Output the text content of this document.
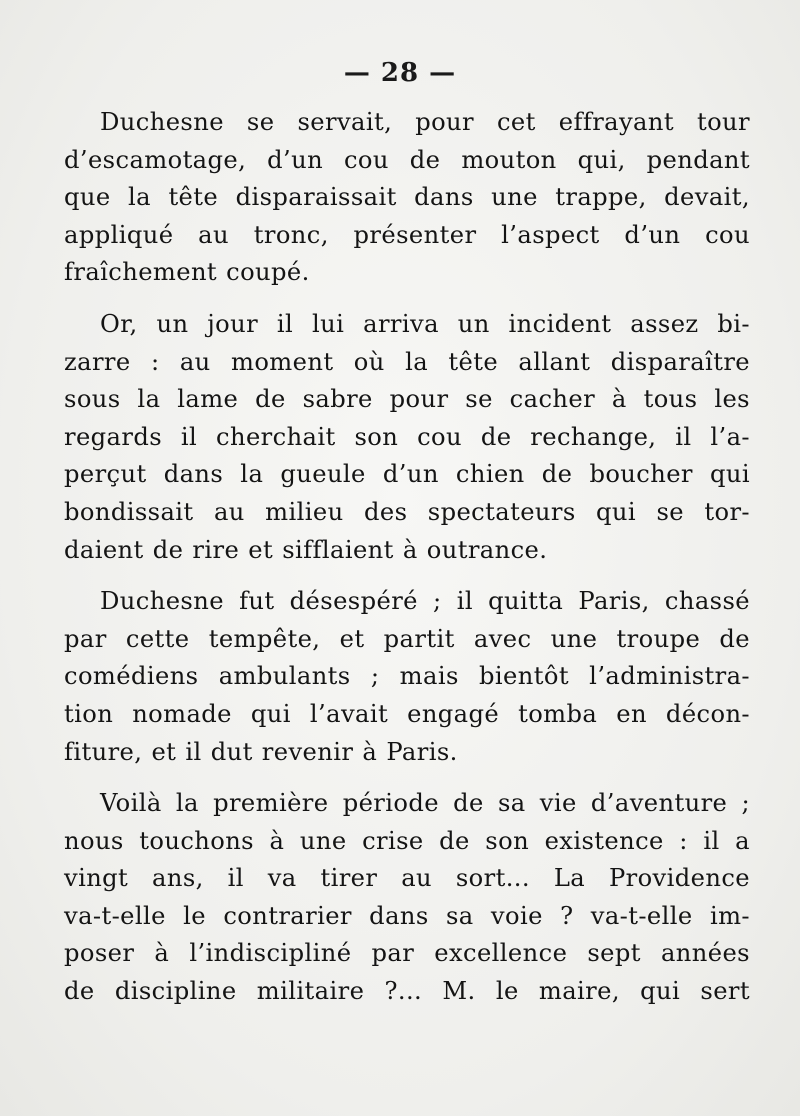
— 28 —
Duchesne se servait, pour cet effrayant tour
d’escamotage, d’un cou de mouton qui, pendant
que la tête disparaissait dans une trappe, devait,
appliqué au tronc, présenter l’aspect d’un cou
fraîchement coupé.
Or, un jour il lui arriva un incident assez bi-
zarre : au moment où la tête allant disparaître
sous la lame de sabre pour se cacher à tous les
regards il cherchait son cou de rechange, il l’a-
perçut dans la gueule d’un chien de boucher qui
bondissait au milieu des spectateurs qui se tor-
daient de rire et sifflaient à outrance.
Duchesne fut désespéré ; il quitta Paris, chassé
par cette tempête, et partit avec une troupe de
comédiens ambulants ; mais bientôt l’administra-
tion nomade qui l’avait engagé tomba en décon-
fiture, et il dut revenir à Paris.
Voilà la première période de sa vie d’aventure ;
nous touchons à une crise de son existence : il a
vingt ans, il va tirer au sort... La Providence
va-t-elle le contrarier dans sa voie ? va-t-elle im-
poser à l’indiscipliné par excellence sept années
de discipline militaire ?... M. le maire, qui sert
